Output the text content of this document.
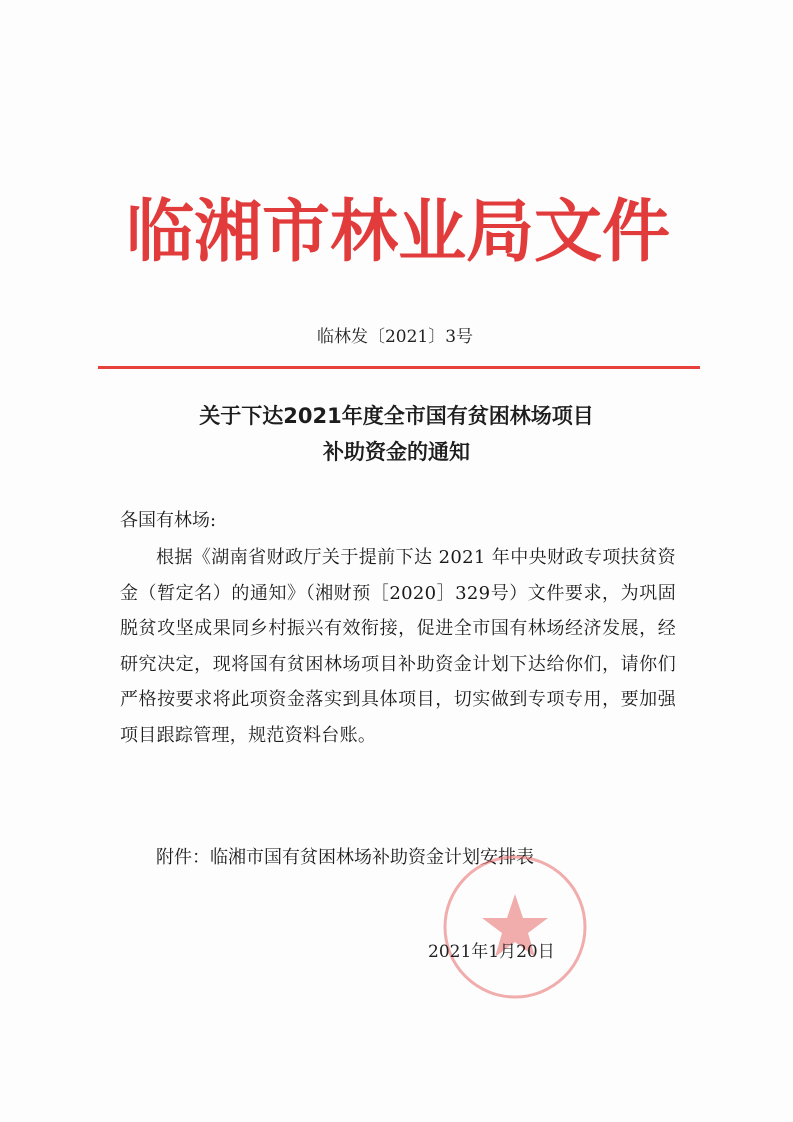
临湘市林业局文件
临林发〔2021〕3号
关于下达2021年度全市国有贫困林场项目
补助资金的通知
各国有林场:
根据《湖南省财政厅关于提前下达 2021 年中央财政专项扶贫资金（暂定名）的通知》（湘财预［2020］329号）文件要求，为巩固脱贫攻坚成果同乡村振兴有效衔接，促进全市国有林场经济发展，经研究决定，现将国有贫困林场项目补助资金计划下达给你们，请你们严格按要求将此项资金落实到具体项目，切实做到专项专用，要加强项目跟踪管理，规范资料台账。
附件：临湘市国有贫困林场补助资金计划安排表
2021年1月20日
